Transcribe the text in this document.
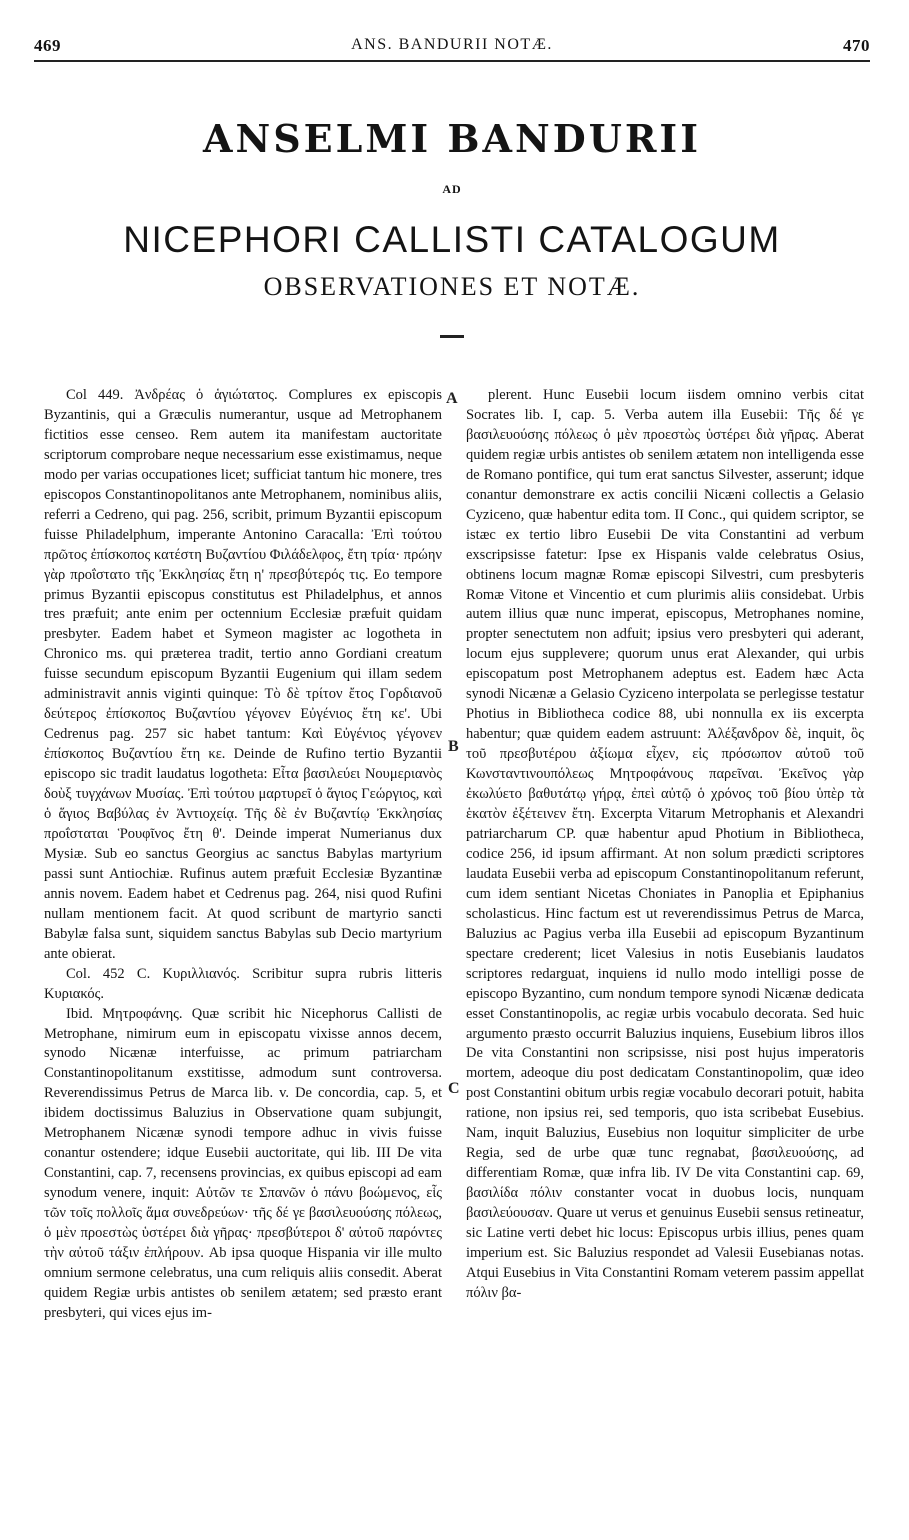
469	ANS. BANDURII NOTÆ.	470
ANSELMI BANDURII
AD
NICEPHORI CALLISTI CATALOGUM
OBSERVATIONES ET NOTÆ.

Col 449. Ἀνδρέας ὁ ἁγιώτατος. Complures ex episcopis Byzantinis, qui a Græculis numerantur, usque ad Metrophanem fictitios esse censeo. Rem autem ita manifestam auctoritate scriptorum comprobare neque necessarium esse existimamus, neque modo per varias occupationes licet; sufficiat tantum hic monere, tres episcopos Constantinopolitanos ante Metrophanem, nominibus aliis, referri a Cedreno, qui pag. 256, scribit, primum Byzantii episcopum fuisse Philadelphum, imperante Antonino Caracalla: Ἐπὶ τούτου πρῶτος ἐπίσκοπος κατέστη Βυζαντίου Φιλάδελφος, ἔτη τρία· πρώην γὰρ προΐστατο τῆς Ἐκκλησίας ἔτη η' πρεσβύτερός τις. Eo tempore primus Byzantii episcopus constitutus est Philadelphus, et annos tres præfuit; ante enim per octennium Ecclesiæ præfuit quidam presbyter. Eadem habet et Symeon magister ac logotheta in Chronico ms. qui præterea tradit, tertio anno Gordiani creatum fuisse secundum episcopum Byzantii Eugenium qui illam sedem administravit annis viginti quinque: Τὸ δὲ τρίτον ἔτος Γορδιανοῦ δεύτερος ἐπίσκοπος Βυζαντίου γέγονεν Εὐγένιος ἔτη κε'. Ubi Cedrenus pag. 257 sic habet tantum: Καὶ Εὐγένιος γέγονεν ἐπίσκοπος Βυζαντίου ἔτη κε. Deinde de Rufino tertio Byzantii episcopo sic tradit laudatus logotheta: Εἶτα βασιλεύει Νουμεριανὸς δοὺξ τυγχάνων Μυσίας. Ἐπὶ τούτου μαρτυρεῖ ὁ ἅγιος Γεώργιος, καὶ ὁ ἅγιος Βαβύλας ἐν Ἀντιοχείᾳ. Τῆς δὲ ἐν Βυζαντίῳ Ἐκκλησίας προΐσταται Ῥουφῖνος ἔτη θ'. Deinde imperat Numerianus dux Mysiæ. Sub eo sanctus Georgius ac sanctus Babylas martyrium passi sunt Antiochiæ. Rufinus autem præfuit Ecclesiæ Byzantinæ annis novem. Eadem habet et Cedrenus pag. 264, nisi quod Rufini nullam mentionem facit. At quod scribunt de martyrio sancti Babylæ falsa sunt, siquidem sanctus Babylas sub Decio martyrium ante obierat.

Col. 452 C. Κυριλλιανός. Scribitur supra rubris litteris Κυριακός.

Ibid. Μητροφάνης. Quæ scribit hic Nicephorus Callisti de Metrophane, nimirum eum in episcopatu vixisse annos decem, synodo Nicænæ interfuisse, ac primum patriarcham Constantinopolitanum exstitisse, admodum sunt controversa. Reverendissimus Petrus de Marca lib. v. De concordia, cap. 5, et ibidem doctissimus Baluzius in Observatione quam subjungit, Metrophanem Nicænæ synodi tempore adhuc in vivis fuisse conantur ostendere; idque Eusebii auctoritate, qui lib. III De vita Constantini, cap. 7, recensens provincias, ex quibus episcopi ad eam synodum venere, inquit: Αὐτῶν τε Σπανῶν ὁ πάνυ βοώμενος, εἷς τῶν τοῖς πολλοῖς ἅμα συνεδρεύων· τῆς δέ γε βασιλευούσης πόλεως, ὁ μὲν προεστὼς ὑστέρει διὰ γῆρας· πρεσβύτεροι δ' αὐτοῦ παρόντες τὴν αὐτοῦ τάξιν ἐπλήρουν. Ab ipsa quoque Hispania vir ille multo omnium sermone celebratus, una cum reliquis aliis consedit. Aberat quidem Regiæ urbis antistes ob senilem ætatem; sed præsto erant presbyteri, qui vices ejus im-

plerent. Hunc Eusebii locum iisdem omnino verbis citat Socrates lib. I, cap. 5. Verba autem illa Eusebii: Τῆς δέ γε βασιλευούσης πόλεως ὁ μὲν προεστὼς ὑστέρει διὰ γῆρας. Aberat quidem regiæ urbis antistes ob senilem ætatem non intelligenda esse de Romano pontifice, qui tum erat sanctus Silvester, asserunt; idque conantur demonstrare ex actis concilii Nicæni collectis a Gelasio Cyziceno, quæ habentur edita tom. II Conc., qui quidem scriptor, se istæc ex tertio libro Eusebii De vita Constantini ad verbum exscripsisse fatetur: Ipse ex Hispanis valde celebratus Osius, obtinens locum magnæ Romæ episcopi Silvestri, cum presbyteris Romæ Vitone et Vincentio et cum plurimis aliis considebat. Urbis autem illius quæ nunc imperat, episcopus, Metrophanes nomine, propter senectutem non adfuit; ipsius vero presbyteri qui aderant, locum ejus supplevere; quorum unus erat Alexander, qui urbis episcopatum post Metrophanem adeptus est. Eadem hæc Acta synodi Nicænæ a Gelasio Cyziceno interpolata se perlegisse testatur Photius in Bibliotheca codice 88, ubi nonnulla ex iis excerpta habentur; quæ quidem eadem astruunt: Ἀλέξανδρον δὲ, inquit, ὃς τοῦ πρεσβυτέρου ἀξίωμα εἶχεν, εἰς πρόσωπον αὐτοῦ τοῦ Κωνσταντινουπόλεως Μητροφάνους παρεῖναι. Ἐκεῖνος γὰρ ἐκωλύετο βαθυτάτῳ γήρᾳ, ἐπεὶ αὐτῷ ὁ χρόνος τοῦ βίου ὑπὲρ τὰ ἑκατὸν ἐξέτεινεν ἔτη. Excerpta Vitarum Metrophanis et Alexandri patriarcharum CP. quæ habentur apud Photium in Bibliotheca, codice 256, id ipsum affirmant. At non solum prædicti scriptores laudata Eusebii verba ad episcopum Constantinopolitanum referunt, cum idem sentiant Nicetas Choniates in Panoplia et Epiphanius scholasticus. Hinc factum est ut reverendissimus Petrus de Marca, Baluzius ac Pagius verba illa Eusebii ad episcopum Byzantinum spectare crederent; licet Valesius in notis Eusebianis laudatos scriptores redarguat, inquiens id nullo modo intelligi posse de episcopo Byzantino, cum nondum tempore synodi Nicænæ dedicata esset Constantinopolis, ac regiæ urbis vocabulo decorata. Sed huic argumento præsto occurrit Baluzius inquiens, Eusebium libros illos De vita Constantini non scripsisse, nisi post hujus imperatoris mortem, adeoque diu post dedicatam Constantinopolim, quæ ideo post Constantini obitum urbis regiæ vocabulo decorari potuit, habita ratione, non ipsius rei, sed temporis, quo ista scribebat Eusebius. Nam, inquit Baluzius, Eusebius non loquitur simpliciter de urbe Regia, sed de urbe quæ tunc regnabat, βασιλευούσης, ad differentiam Romæ, quæ infra lib. IV De vita Constantini cap. 69, βασιλίδα πόλιν constanter vocat in duobus locis, nunquam βασιλεύουσαν. Quare ut verus et genuinus Eusebii sensus retineatur, sic Latine verti debet hic locus: Episcopus urbis illius, penes quam imperium est. Sic Baluzius respondet ad Valesii Eusebianas notas. Atqui Eusebius in Vita Constantini Romam veterem passim appellat πόλιν βα-

A
B
C
